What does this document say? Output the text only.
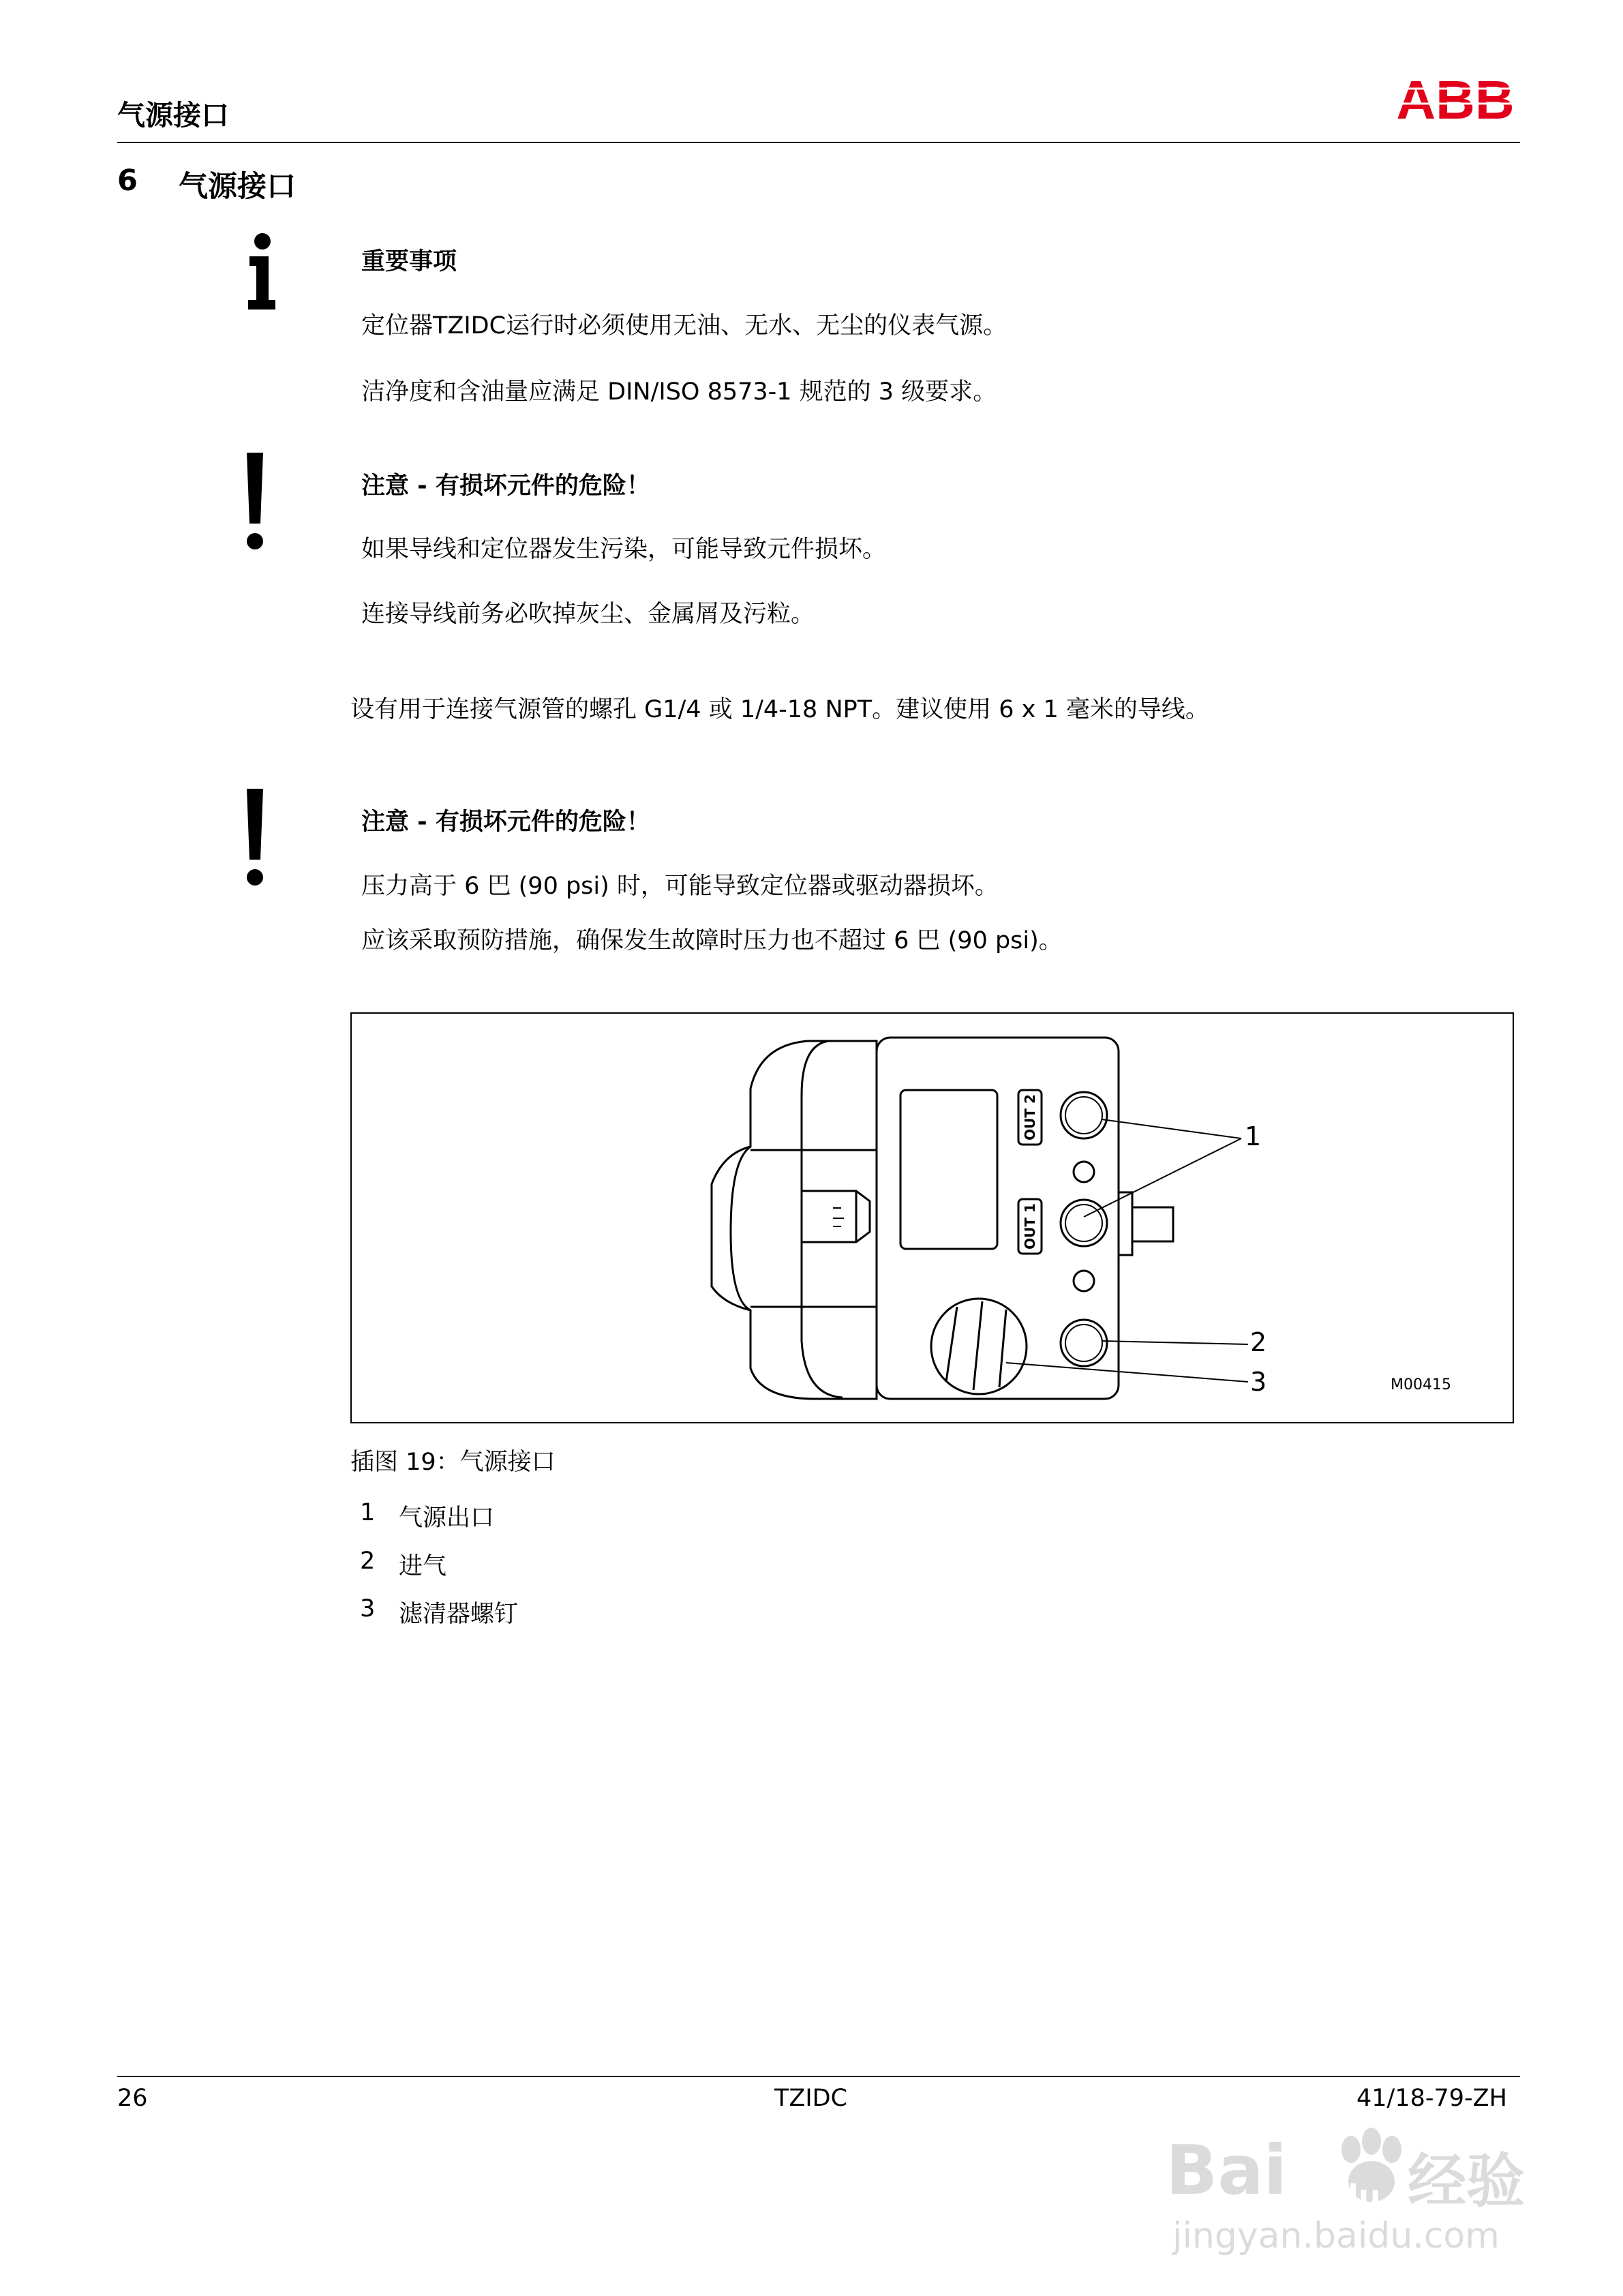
气源接口	ABB
6 气源接口
重要事项
定位器TZIDC运行时必须使用无油、无水、无尘的仪表气源。
洁净度和含油量应满足 DIN/ISO 8573-1 规范的 3 级要求。
注意 - 有损坏元件的危险！
如果导线和定位器发生污染，可能导致元件损坏。
连接导线前务必吹掉灰尘、金属屑及污粒。
设有用于连接气源管的螺孔 G1/4 或 1/4-18 NPT。建议使用 6 x 1 毫米的导线。
注意 - 有损坏元件的危险！
压力高于 6 巴 (90 psi) 时，可能导致定位器或驱动器损坏。
应该采取预防措施，确保发生故障时压力也不超过 6 巴 (90 psi)。
OUT 2
OUT 1
1
2
3	M00415
插图 19：气源接口
1 气源出口
2 进气
3 滤清器螺钉
26	TZIDC	41/18-79-ZH
Bai du 经验
jingyan.baidu.com
